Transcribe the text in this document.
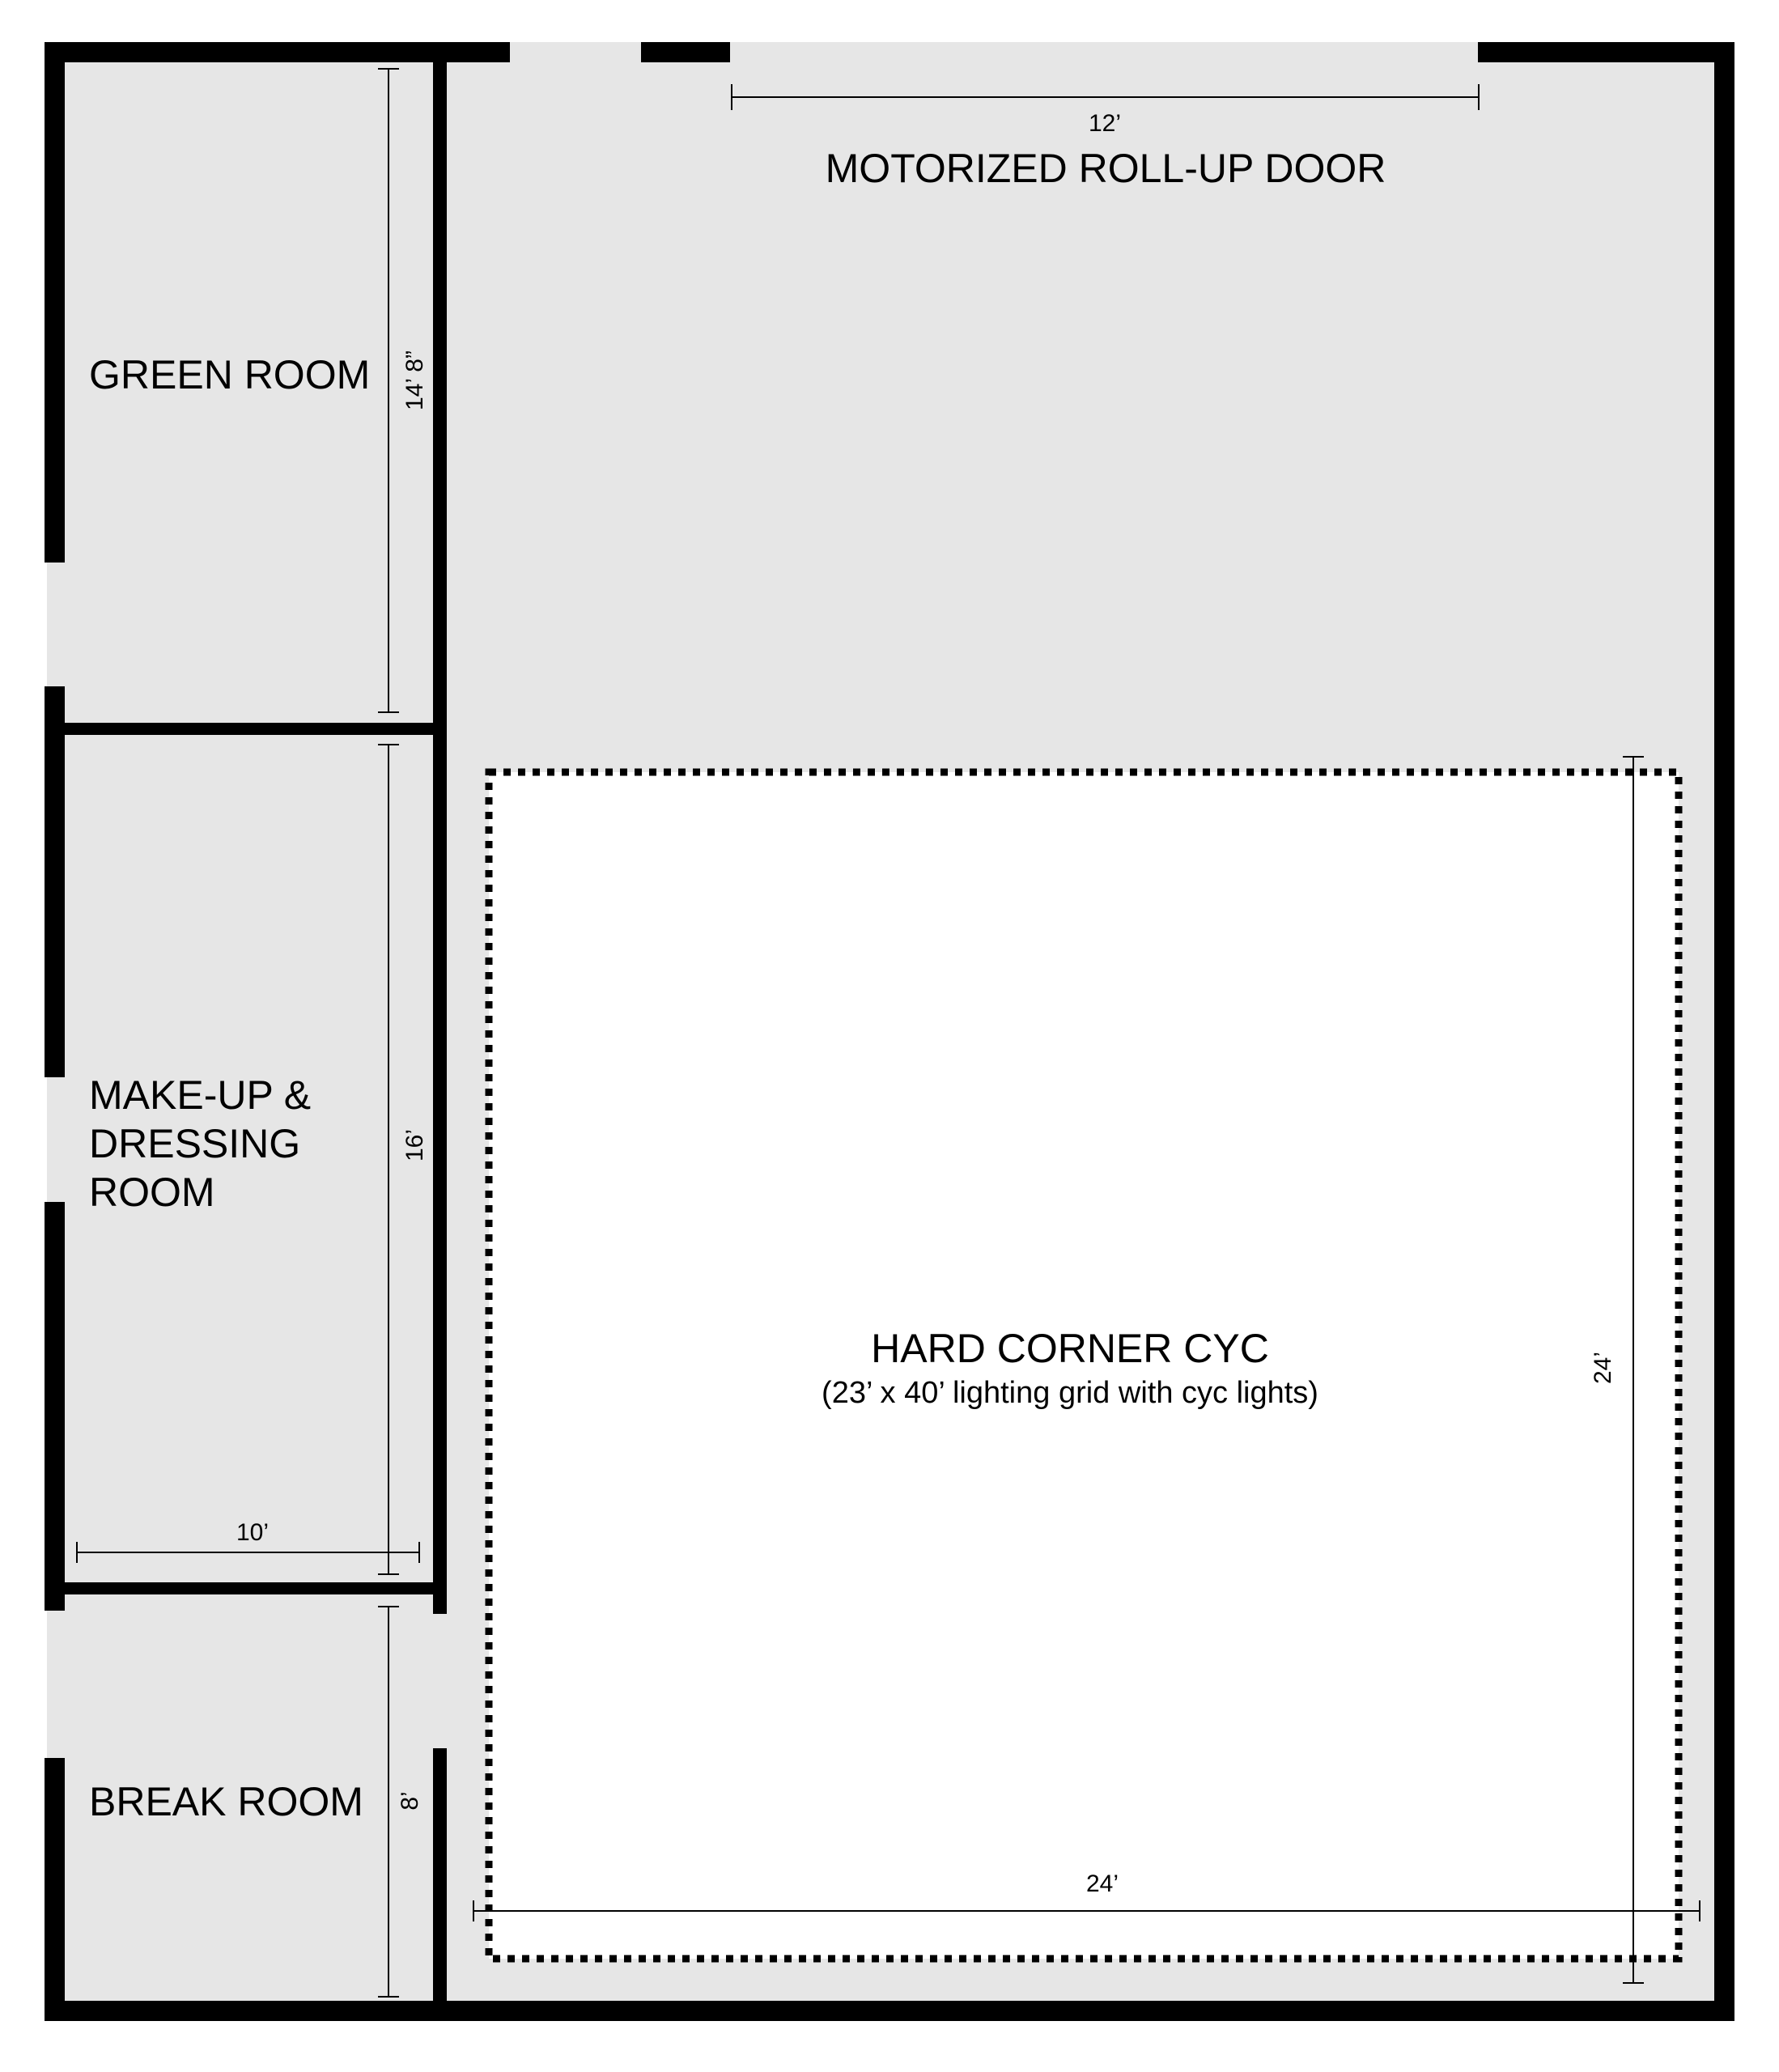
12’
MOTORIZED ROLL-UP DOOR
GREEN ROOM 14’ 8”
MAKE-UP &
DRESSING
ROOM
16’
10’
BREAK ROOM 8’
HARD CORNER CYC
(23’ x 40’ lighting grid with cyc lights)
24’
24’
